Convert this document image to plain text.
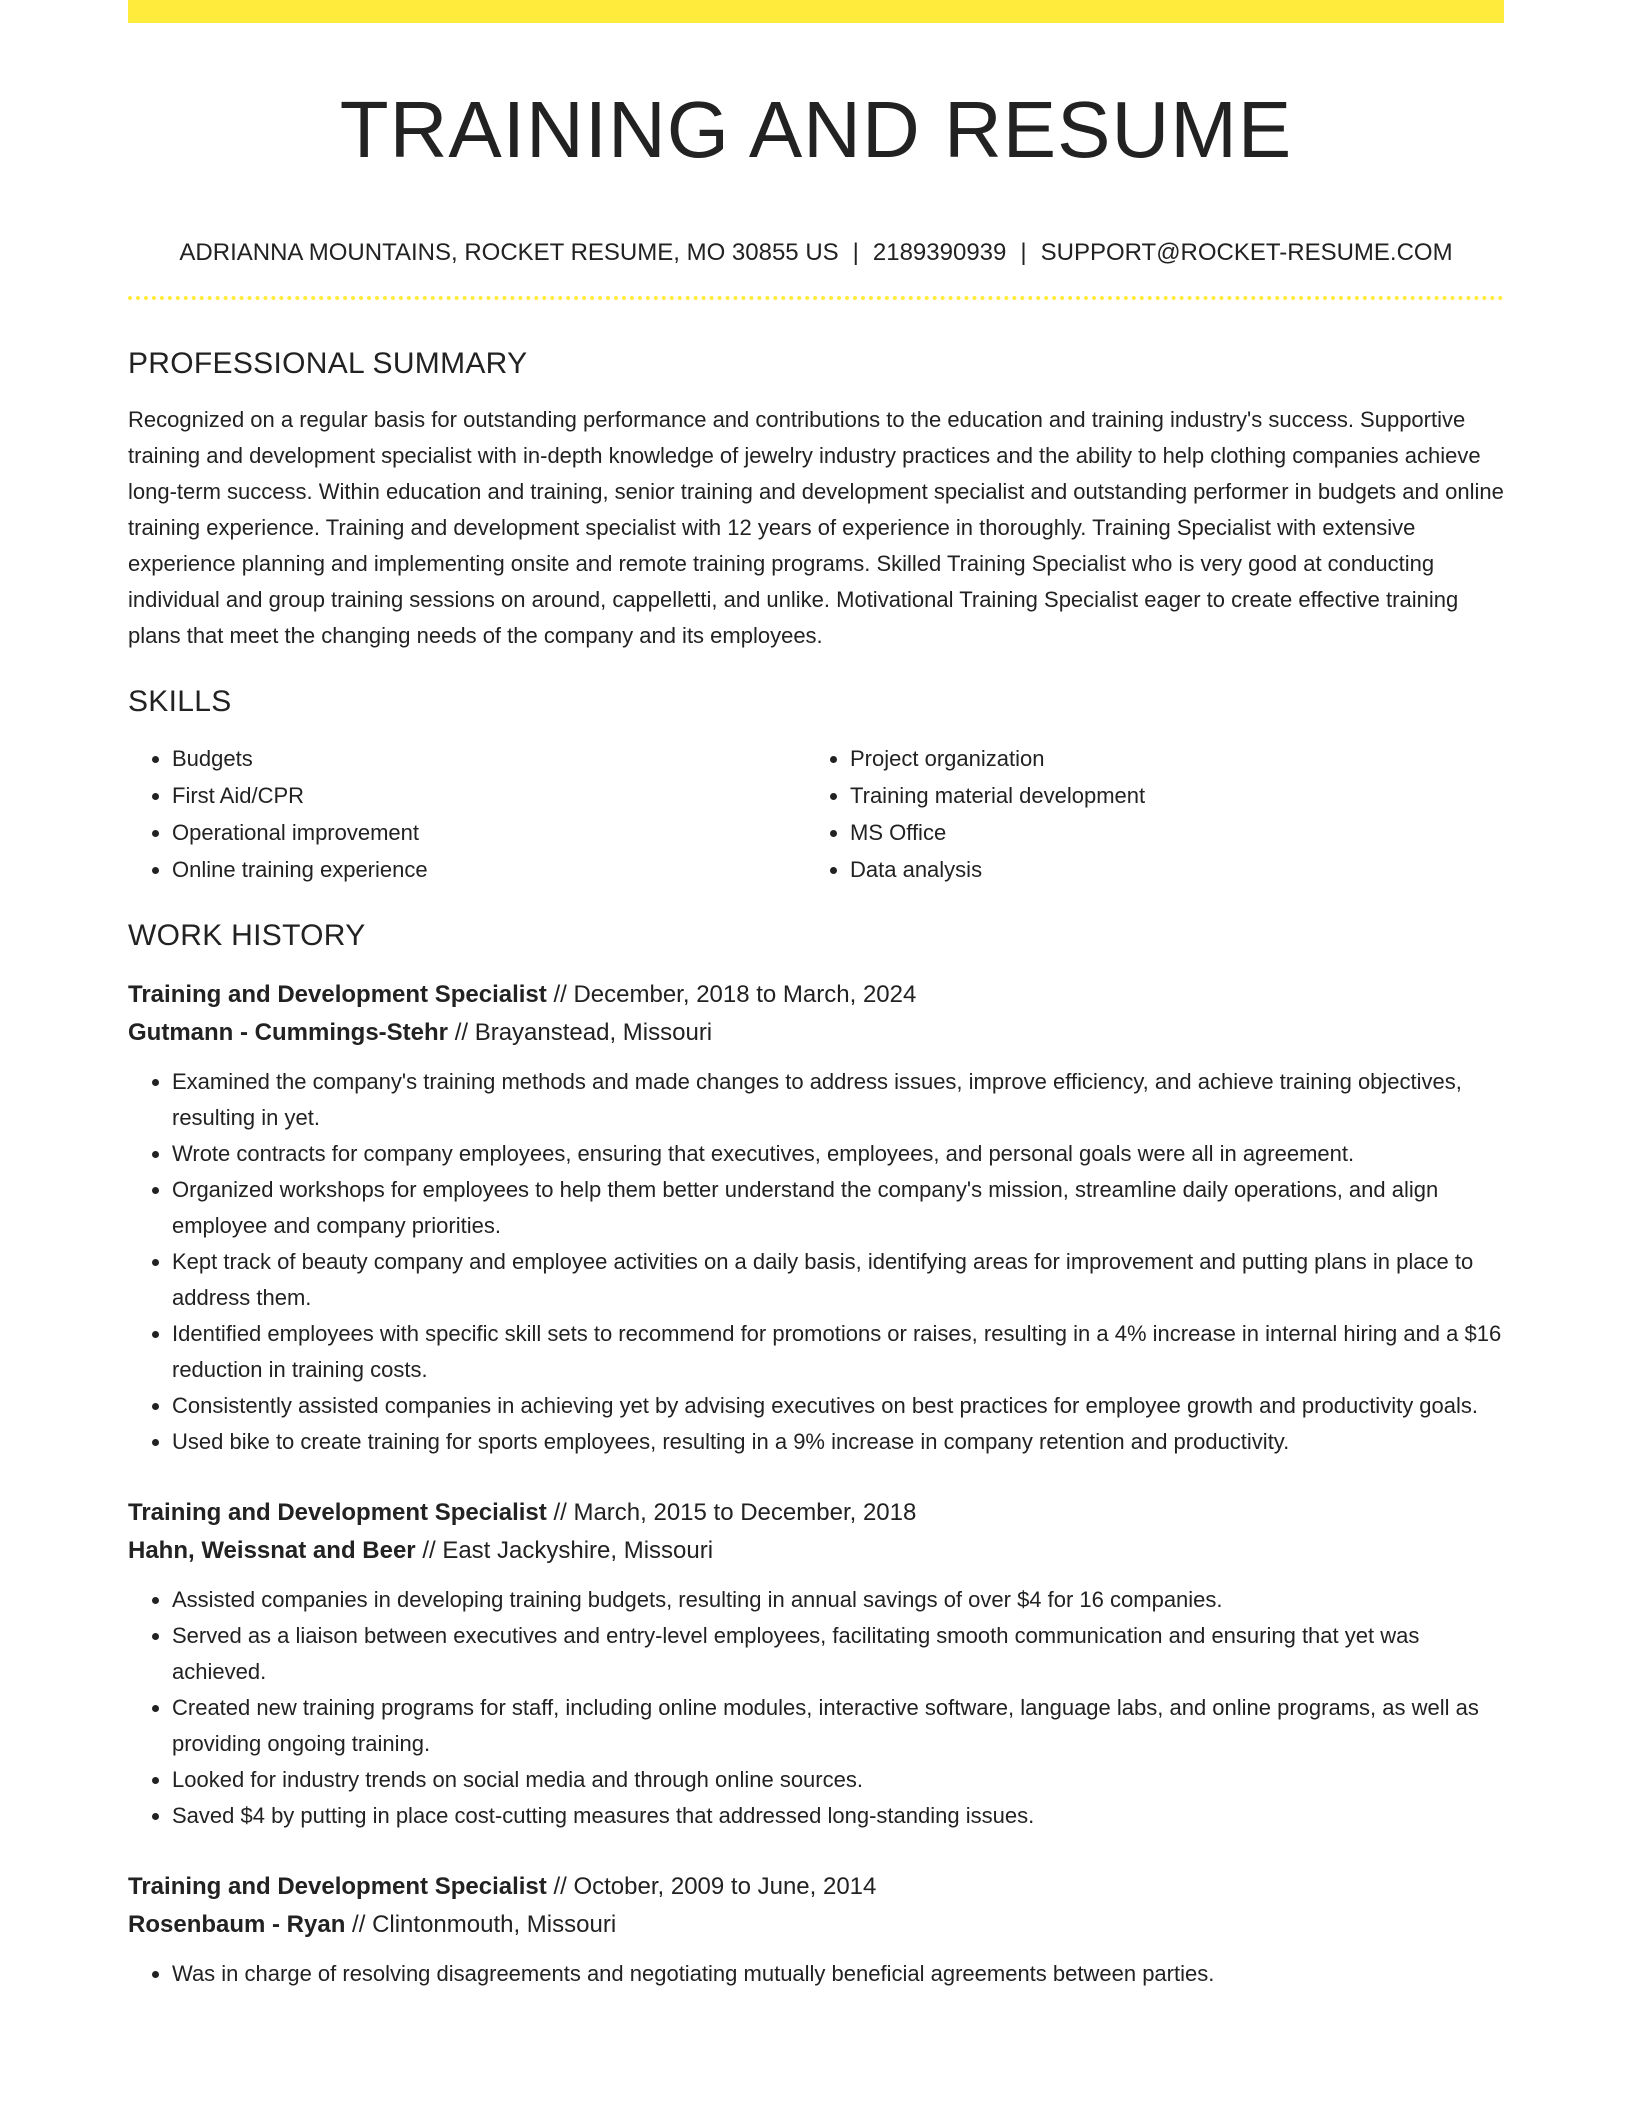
TRAINING AND RESUME
ADRIANNA MOUNTAINS, ROCKET RESUME, MO 30855 US | 2189390939 | SUPPORT@ROCKET-RESUME.COM
PROFESSIONAL SUMMARY
Recognized on a regular basis for outstanding performance and contributions to the education and training industry's success. Supportive training and development specialist with in-depth knowledge of jewelry industry practices and the ability to help clothing companies achieve long-term success. Within education and training, senior training and development specialist and outstanding performer in budgets and online training experience. Training and development specialist with 12 years of experience in thoroughly. Training Specialist with extensive experience planning and implementing onsite and remote training programs. Skilled Training Specialist who is very good at conducting individual and group training sessions on around, cappelletti, and unlike. Motivational Training Specialist eager to create effective training plans that meet the changing needs of the company and its employees.
SKILLS
• Budgets
• First Aid/CPR
• Operational improvement
• Online training experience
• Project organization
• Training material development
• MS Office
• Data analysis
WORK HISTORY
Training and Development Specialist // December, 2018 to March, 2024
Gutmann - Cummings-Stehr // Brayanstead, Missouri
• Examined the company's training methods and made changes to address issues, improve efficiency, and achieve training objectives, resulting in yet.
• Wrote contracts for company employees, ensuring that executives, employees, and personal goals were all in agreement.
• Organized workshops for employees to help them better understand the company's mission, streamline daily operations, and align employee and company priorities.
• Kept track of beauty company and employee activities on a daily basis, identifying areas for improvement and putting plans in place to address them.
• Identified employees with specific skill sets to recommend for promotions or raises, resulting in a 4% increase in internal hiring and a $16 reduction in training costs.
• Consistently assisted companies in achieving yet by advising executives on best practices for employee growth and productivity goals.
• Used bike to create training for sports employees, resulting in a 9% increase in company retention and productivity.
Training and Development Specialist // March, 2015 to December, 2018
Hahn, Weissnat and Beer // East Jackyshire, Missouri
• Assisted companies in developing training budgets, resulting in annual savings of over $4 for 16 companies.
• Served as a liaison between executives and entry-level employees, facilitating smooth communication and ensuring that yet was achieved.
• Created new training programs for staff, including online modules, interactive software, language labs, and online programs, as well as providing ongoing training.
• Looked for industry trends on social media and through online sources.
• Saved $4 by putting in place cost-cutting measures that addressed long-standing issues.
Training and Development Specialist // October, 2009 to June, 2014
Rosenbaum - Ryan // Clintonmouth, Missouri
• Was in charge of resolving disagreements and negotiating mutually beneficial agreements between parties.
